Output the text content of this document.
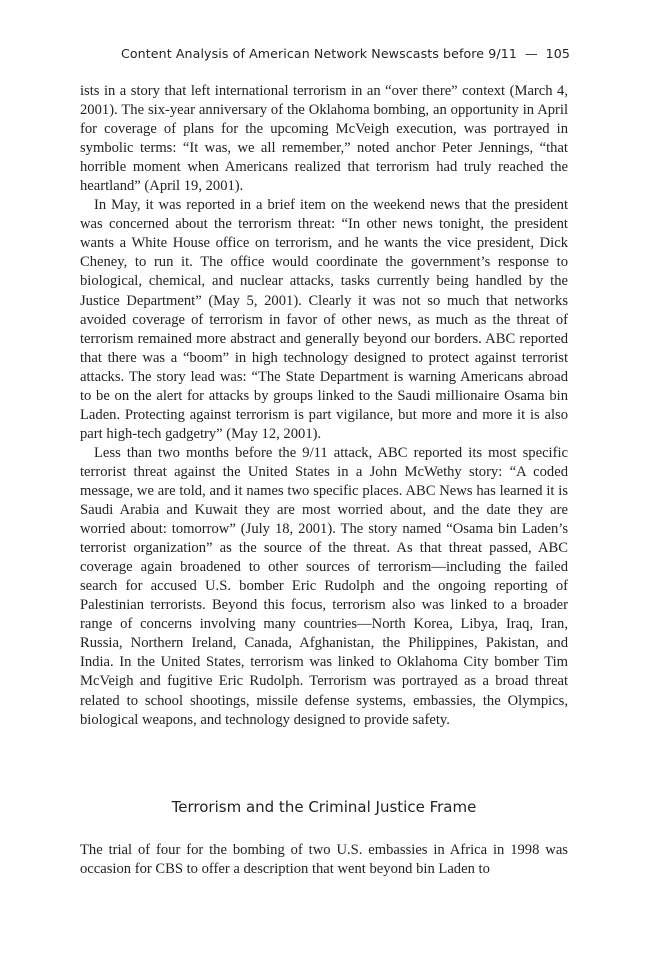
Content Analysis of American Network Newscasts before 9/11 — 105

ists in a story that left international terrorism in an “over there” context (March 4, 2001). The six-year anniversary of the Oklahoma bombing, an opportunity in April for coverage of plans for the upcoming McVeigh execution, was portrayed in symbolic terms: “It was, we all remember,” noted anchor Peter Jennings, “that horrible moment when Americans realized that terrorism had truly reached the heartland” (April 19, 2001).

In May, it was reported in a brief item on the weekend news that the president was concerned about the terrorism threat: “In other news tonight, the president wants a White House office on terrorism, and he wants the vice president, Dick Cheney, to run it. The office would coordinate the government’s response to biological, chemical, and nuclear attacks, tasks currently being handled by the Justice Department” (May 5, 2001). Clearly it was not so much that networks avoided coverage of terrorism in favor of other news, as much as the threat of terrorism remained more abstract and generally beyond our borders. ABC reported that there was a “boom” in high technology designed to protect against terrorist attacks. The story lead was: “The State Department is warning Americans abroad to be on the alert for attacks by groups linked to the Saudi millionaire Osama bin Laden. Protecting against terrorism is part vigilance, but more and more it is also part high-tech gadgetry” (May 12, 2001).

Less than two months before the 9/11 attack, ABC reported its most specific terrorist threat against the United States in a John McWethy story: “A coded message, we are told, and it names two specific places. ABC News has learned it is Saudi Arabia and Kuwait they are most worried about, and the date they are worried about: tomorrow” (July 18, 2001). The story named “Osama bin Laden’s terrorist organization” as the source of the threat. As that threat passed, ABC coverage again broadened to other sources of terrorism—including the failed search for accused U.S. bomber Eric Rudolph and the ongoing reporting of Palestinian terrorists. Beyond this focus, terrorism also was linked to a broader range of concerns involving many countries—North Korea, Libya, Iraq, Iran, Russia, Northern Ireland, Canada, Afghanistan, the Philippines, Pakistan, and India. In the United States, terrorism was linked to Oklahoma City bomber Tim McVeigh and fugitive Eric Rudolph. Terrorism was portrayed as a broad threat related to school shootings, missile defense systems, embassies, the Olympics, biological weapons, and technology designed to provide safety.

Terrorism and the Criminal Justice Frame

The trial of four for the bombing of two U.S. embassies in Africa in 1998 was occasion for CBS to offer a description that went beyond bin Laden to
